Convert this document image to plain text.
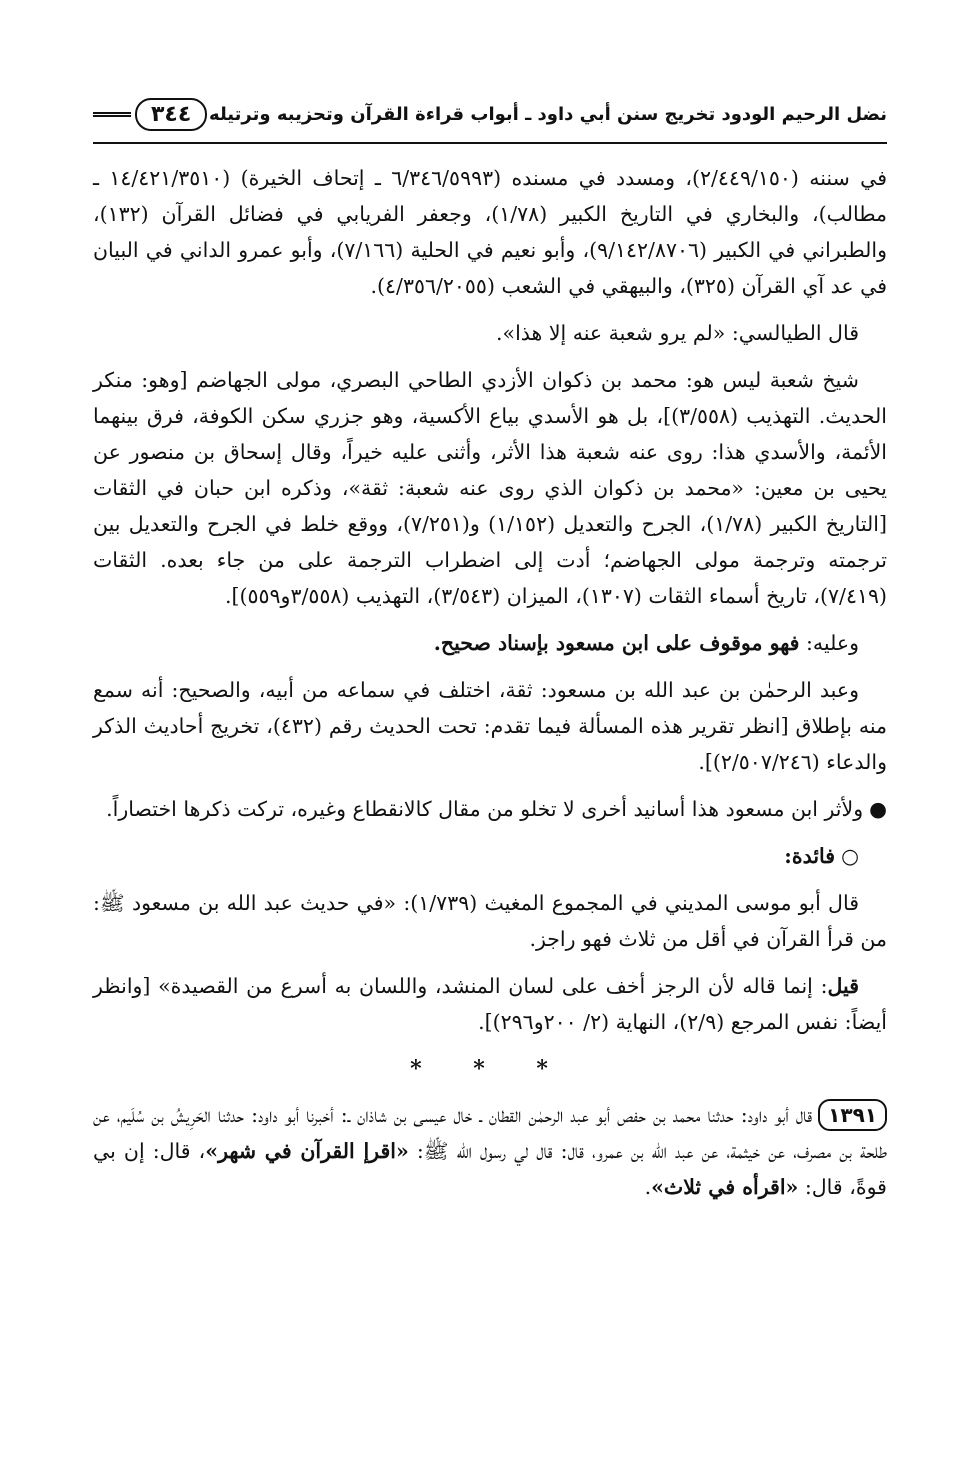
نضل الرحيم الودود تخريج سنن أبي داود ـ أبواب قراءة القرآن وتحزيبه وترتيله
٣٤٤

في سننه (٢/٤٤٩/١٥٠)، ومسدد في مسنده (٦/٣٤٦/٥٩٩٣ ـ إتحاف الخيرة) (١٤/٤٢١/٣٥١٠ ـ مطالب)، والبخاري في التاريخ الكبير (١/٧٨)، وجعفر الفريابي في فضائل القرآن (١٣٢)، والطبراني في الكبير (٩/١٤٢/٨٧٠٦)، وأبو نعيم في الحلية (٧/١٦٦)، وأبو عمرو الداني في البيان في عد آي القرآن (٣٢٥)، والبيهقي في الشعب (٤/٣٥٦/٢٠٥٥).

قال الطيالسي: «لم يرو شعبة عنه إلا هذا».

شيخ شعبة ليس هو: محمد بن ذكوان الأزدي الطاحي البصري، مولى الجهاضم [وهو: منكر الحديث. التهذيب (٣/٥٥٨)]، بل هو الأسدي بياع الأكسية، وهو جزري سكن الكوفة، فرق بينهما الأئمة، والأسدي هذا: روى عنه شعبة هذا الأثر، وأثنى عليه خيراً، وقال إسحاق بن منصور عن يحيى بن معين: «محمد بن ذكوان الذي روى عنه شعبة: ثقة»، وذكره ابن حبان في الثقات [التاريخ الكبير (١/٧٨)، الجرح والتعديل (١/١٥٢) و(٧/٢٥١)، ووقع خلط في الجرح والتعديل بين ترجمته وترجمة مولى الجهاضم؛ أدت إلى اضطراب الترجمة على من جاء بعده. الثقات (٧/٤١٩)، تاريخ أسماء الثقات (١٣٠٧)، الميزان (٣/٥٤٣)، التهذيب (٣/٥٥٨و٥٥٩)].

وعليه: فهو موقوف على ابن مسعود بإسناد صحيح.

وعبد الرحمٰن بن عبد الله بن مسعود: ثقة، اختلف في سماعه من أبيه، والصحيح: أنه سمع منه بإطلاق [انظر تقرير هذه المسألة فيما تقدم: تحت الحديث رقم (٤٣٢)، تخريج أحاديث الذكر والدعاء (٢/٥٠٧/٢٤٦)].

●ولأثر ابن مسعود هذا أسانيد أخرى لا تخلو من مقال كالانقطاع وغيره، تركت ذكرها اختصاراً.

○فائدة:

قال أبو موسى المديني في المجموع المغيث (١/٧٣٩): «في حديث عبد الله بن مسعود ﷺ: من قرأ القرآن في أقل من ثلاث فهو راجز.

قيل: إنما قاله لأن الرجز أخف على لسان المنشد، واللسان به أسرع من القصيدة» [وانظر أيضاً: نفس المرجع (٢/٩)، النهاية (٢/ ٢٠٠و٢٩٦)].

* * *

١٣٩١قال أبو داود: حدثنا محمد بن حفص أبو عبد الرحمٰن القطان ـ خال عيسى بن شاذان ـ: أخبرنا أبو داود: حدثنا الحَرِيشُ بن سُلَيم، عن طلحة بن مصرف، عن خيثمة، عن عبد الله بن عمرو، قال: قال لي رسول الله ﷺ: «اقرإ القرآن في شهر»، قال: إن بي قوةً، قال: «اقرأه في ثلاث».
